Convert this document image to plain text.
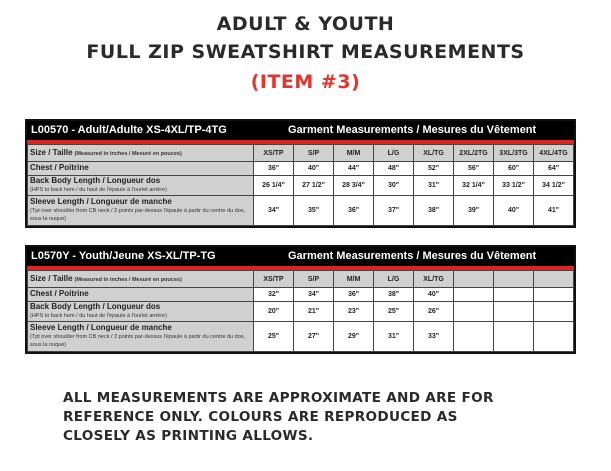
ADULT & YOUTH
FULL ZIP SWEATSHIRT MEASUREMENTS
(ITEM #3)
L00570 - Adult/Adulte XS-4XL/TP-4TG	Garment Measurements / Mesures du Vêtement
Size / Taille (Measured in inches / Mesuré en pouces)	XS/TP	S/P	M/M	L/G	XL/TG	2XL/2TG	3XL/3TG	4XL/4TG
Chest / Poitrine	36"	40"	44"	48"	52"	56"	60"	64"
Back Body Length / Longueur dos
(HPS to back hem / du haut de l'épaule à l'ourlet arrière)	26 1/4"	27 1/2"	28 3/4"	30"	31"	32 1/4"	33 1/2"	34 1/2"
Sleeve Length / Longueur de manche
(Tpt over shoulder from CB neck / 3 points par-dessus l'épaule à partir du centre du dos, sous la nuque)	34"	35"	36"	37"	38"	39"	40"	41"
L0570Y - Youth/Jeune XS-XL/TP-TG	Garment Measurements / Mesures du Vêtement
Size / Taille (Measured in inches / Mesuré en pouces)	XS/TP	S/P	M/M	L/G	XL/TG			
Chest / Poitrine	32"	34"	36"	38"	40"			
Back Body Length / Longueur dos
(HPS to back hem / du haut de l'épaule à l'ourlet arrière)	20"	21"	23"	25"	26"			
Sleeve Length / Longueur de manche
(Tpt over shoulder from CB neck / 3 points par-dessus l'épaule à partir du centre du dos, sous la nuque)	25"	27"	29"	31"	33"			
ALL MEASUREMENTS ARE APPROXIMATE AND ARE FOR
REFERENCE ONLY. COLOURS ARE REPRODUCED AS
CLOSELY AS PRINTING ALLOWS.
